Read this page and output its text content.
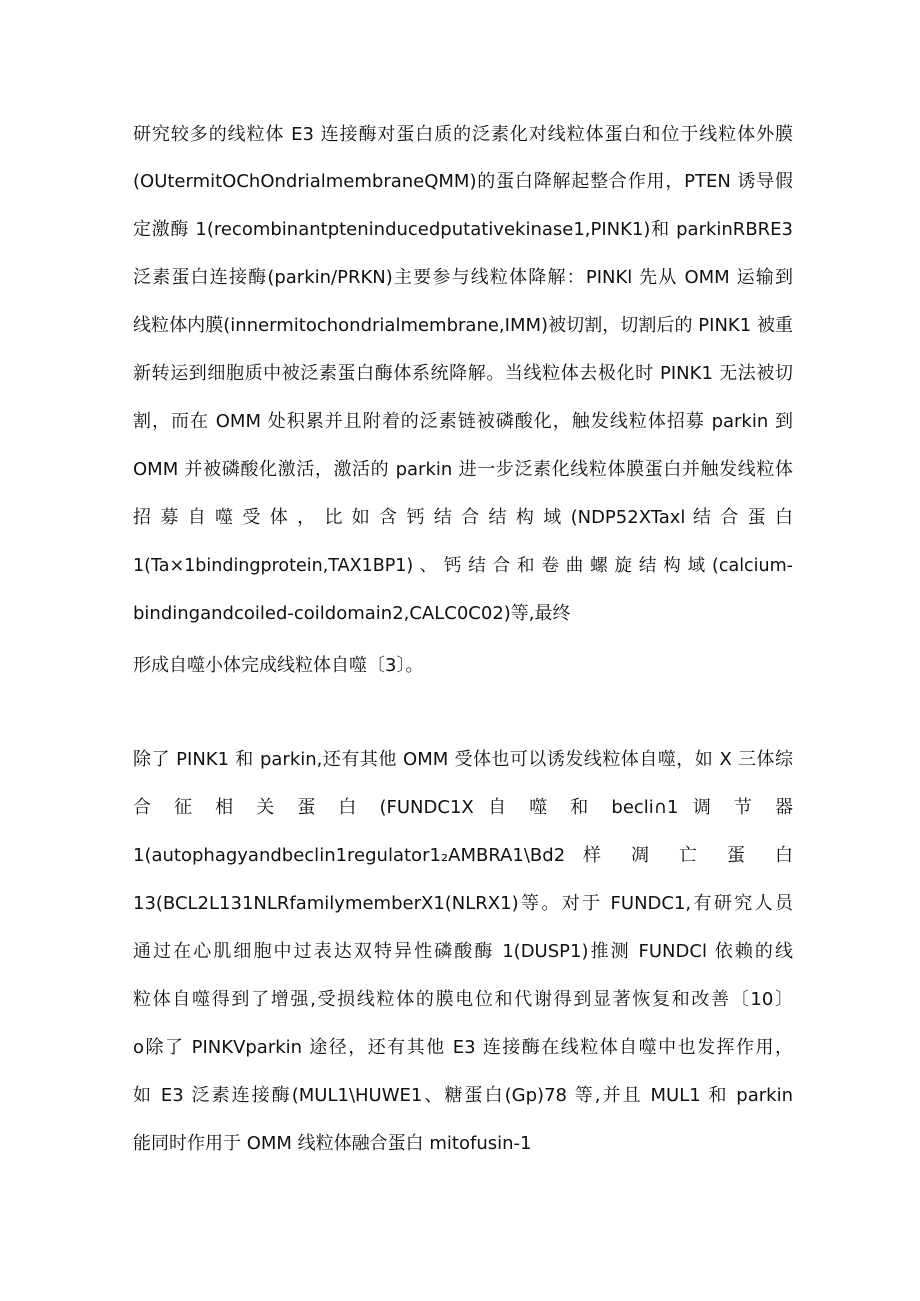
研究较多的线粒体 E3 连接酶对蛋白质的泛素化对线粒体蛋白和位于线粒体外膜
(OUtermitOChOndrialmembraneQMM)的蛋白降解起整合作用，PTEN 诱导假
定激酶 1(recombinantpteninducedputativekinase1,PINK1)和 parkinRBRE3
泛素蛋白连接酶(parkin/PRKN)主要参与线粒体降解：PINKl 先从 OMM 运输到
线粒体内膜(innermitochondrialmembrane,IMM)被切割，切割后的 PINK1 被重
新转运到细胞质中被泛素蛋白酶体系统降解。当线粒体去极化时 PINK1 无法被切
割，而在 OMM 处积累并且附着的泛素链被磷酸化，触发线粒体招募 parkin 到
OMM 并被磷酸化激活，激活的 parkin 进一步泛素化线粒体膜蛋白并触发线粒体
招 募 自 噬 受 体 ， 比 如 含 钙 结 合 结 构 域 (NDP52XTaxl 结 合 蛋 白
1(Ta×1bindingprotein,TAX1BP1) 、 钙 结 合 和 卷 曲 螺 旋 结 构 域 (calcium-
bindingandcoiled-coildomain2,CALC0C02)等,最终
形成自噬小体完成线粒体自噬〔3〕。
除了 PINK1 和 parkin,还有其他 OMM 受体也可以诱发线粒体自噬，如 X 三体综
合 征 相 关 蛋 白 (FUNDC1X 自 噬 和 becli∩1 调 节 器
1(autophagyandbeclin1regulator1₂AMBRA1\Bd2 样 凋 亡 蛋 白
13(BCL2L131NLRfamilymemberX1(NLRX1)等。对于 FUNDC1,有研究人员
通过在心肌细胞中过表达双特异性磷酸酶 1(DUSP1)推测 FUNDCl 依赖的线
粒体自噬得到了增强,受损线粒体的膜电位和代谢得到显著恢复和改善〔10〕
o除了 PINKVparkin 途径，还有其他 E3 连接酶在线粒体自噬中也发挥作用，
如 E3 泛素连接酶(MUL1\HUWE1、糖蛋白(Gp)78 等,并且 MUL1 和 parkin
能同时作用于 OMM 线粒体融合蛋白 mitofusin-1
